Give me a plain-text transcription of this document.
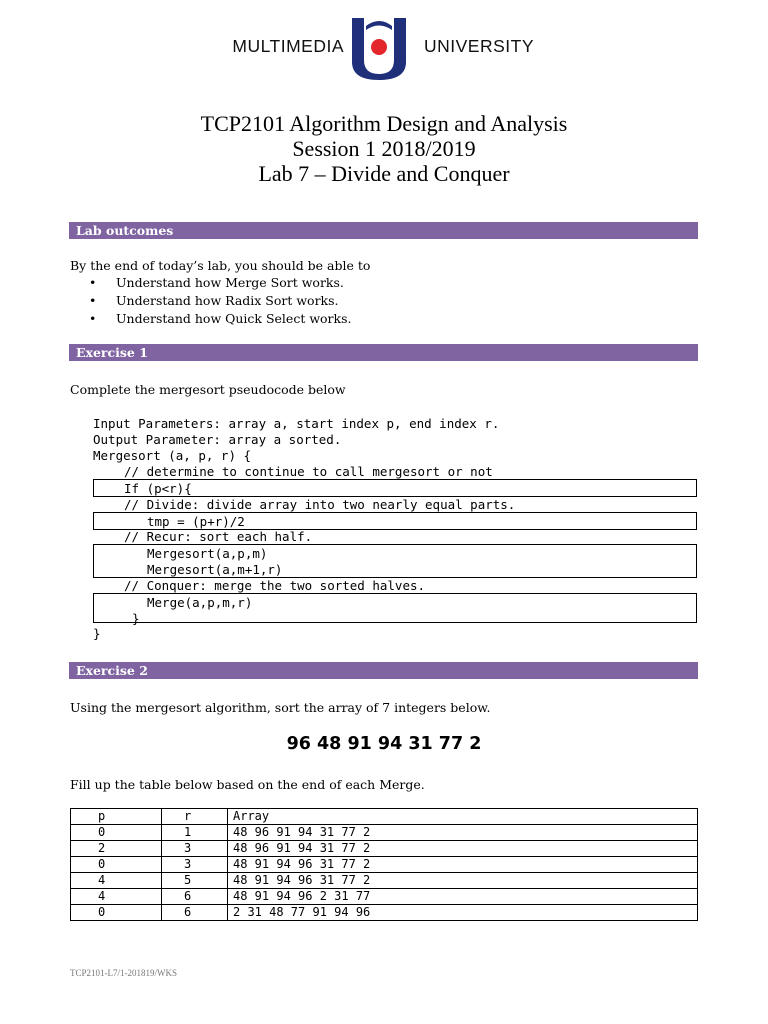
MULTIMEDIA	UNIVERSITY
TCP2101 Algorithm Design and Analysis
Session 1 2018/2019
Lab 7 – Divide and Conquer
Lab outcomes
By the end of today’s lab, you should be able to
• Understand how Merge Sort works.
• Understand how Radix Sort works.
• Understand how Quick Select works.
Exercise 1
Complete the mergesort pseudocode below
Input Parameters: array a, start index p, end index r.
Output Parameter: array a sorted.
Mergesort (a, p, r) {
// determine to continue to call mergesort or not
If (p<r){
// Divide: divide array into two nearly equal parts.
tmp = (p+r)/2
// Recur: sort each half.
Mergesort(a,p,m)
Mergesort(a,m+1,r)
// Conquer: merge the two sorted halves.
Merge(a,p,m,r)
}
}
Exercise 2
Using the mergesort algorithm, sort the array of 7 integers below.
96 48 91 94 31 77 2
Fill up the table below based on the end of each Merge.
p	r	Array
0	1	48 96 91 94 31 77 2
2	3	48 96 91 94 31 77 2
0	3	48 91 94 96 31 77 2
4	5	48 91 94 96 31 77 2
4	6	48 91 94 96 2 31 77
0	6	2 31 48 77 91 94 96
TCP2101-L7/1-201819/WKS
